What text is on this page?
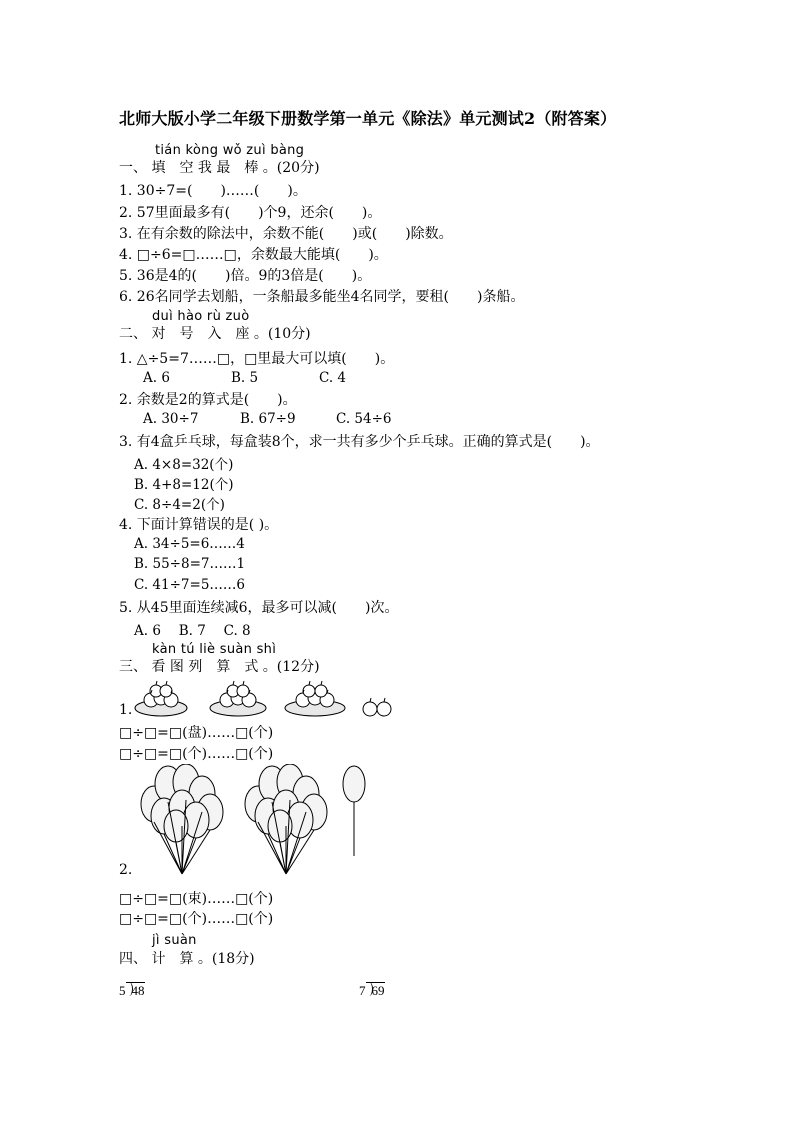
北师大版小学二年级下册数学第一单元《除法》单元测试2（附答案）
tián kòng wǒ zuì bàng
一、 填　空 我 最　棒 。(20分)
1. 30÷7=(　　)……(　　)。
2. 57里面最多有(　　)个9，还余(　　)。
3. 在有余数的除法中，余数不能(　　)或(　　)除数。
4. □÷6=□……□，余数最大能填(　　)。
5. 36是4的(　　)倍。9的3倍是(　　)。
6. 26名同学去划船，一条船最多能坐4名同学，要租(　　)条船。
duì hào rù zuò
二、 对　号　入　座 。(10分)
1. △÷5=7……□，□里最大可以填(　　)。
A. 6	B. 5	C. 4
2. 余数是2的算式是(　　)。
A. 30÷7	B. 67÷9	C. 54÷6
3. 有4盒乒乓球，每盒装8个，求一共有多少个乒乓球。正确的算式是(　　)。
A. 4×8=32(个)
B. 4+8=12(个)
C. 8÷4=2(个)
4. 下面计算错误的是( )。
A. 34÷5=6……4
B. 55÷8=7……1
C. 41÷7=5……6
5. 从45里面连续减6，最多可以减(　　)次。
A. 6　 B. 7　 C. 8
kàn tú liè suàn shì
三、 看 图 列　算　式 。(12分)
1.
□÷□=□(盘)……□(个)
□÷□=□(个)……□(个)
2.
□÷□=□(束)……□(个)
□÷□=□(个)……□(个)
jì suàn
四、 计　算 。(18分)
5 48	7 69
